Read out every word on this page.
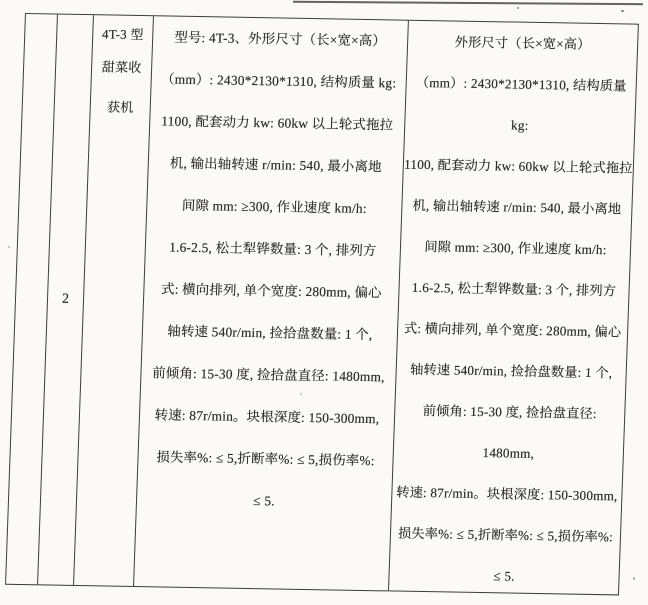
2
4T-3 型
甜菜收
获机
型号: 4T-3、外形尺寸（长×宽×高）
（mm）: 2430*2130*1310, 结构质量 kg:
1100, 配套动力 kw: 60kw 以上轮式拖拉
机, 输出轴转速 r/min: 540, 最小离地
间隙 mm: ≥300, 作业速度 km/h:
1.6-2.5, 松土犁铧数量: 3 个, 排列方
式: 横向排列, 单个宽度: 280mm, 偏心
轴转速 540r/min, 捡拾盘数量: 1 个,
前倾角: 15-30 度, 捡拾盘直径: 1480mm,
转速: 87r/min。块根深度: 150-300mm,
损失率%: ≤ 5,折断率%: ≤ 5,损伤率%:
≤ 5.
外形尺寸（长×宽×高）
（mm）: 2430*2130*1310, 结构质量
kg:
1100, 配套动力 kw: 60kw 以上轮式拖拉
机, 输出轴转速 r/min: 540, 最小离地
间隙 mm: ≥300, 作业速度 km/h:
1.6-2.5, 松土犁铧数量: 3 个, 排列方
式: 横向排列, 单个宽度: 280mm, 偏心
轴转速 540r/min, 捡拾盘数量: 1 个,
前倾角: 15-30 度, 捡拾盘直径:
1480mm,
转速: 87r/min。块根深度: 150-300mm,
损失率%: ≤ 5,折断率%: ≤ 5,损伤率%:
≤ 5.
